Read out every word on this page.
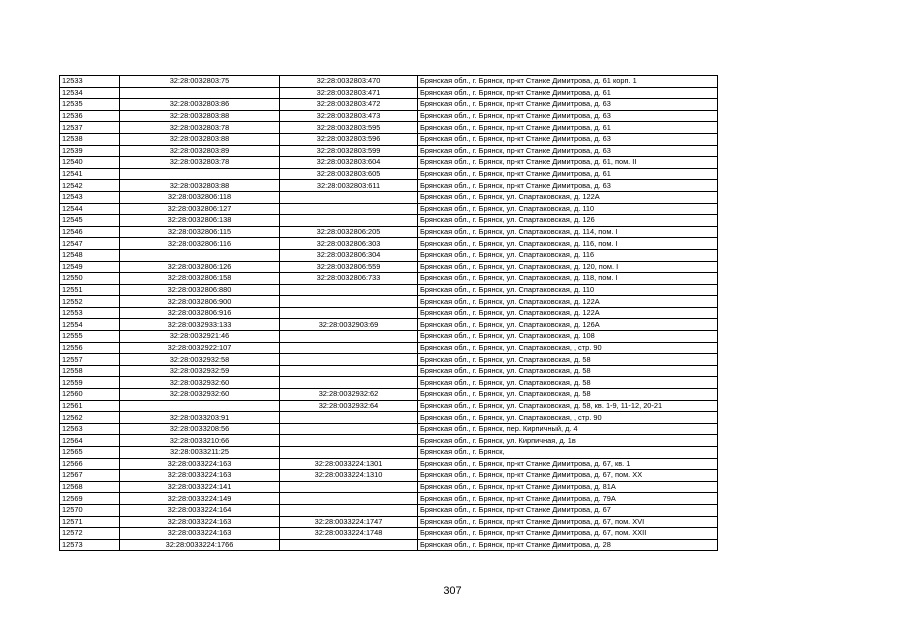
12533	32:28:0032803:75	32:28:0032803:470	Брянская обл., г. Брянск, пр-кт Станке Димитрова, д. 61 корп. 1
12534		32:28:0032803:471	Брянская обл., г. Брянск, пр-кт Станке Димитрова, д. 61
12535	32:28:0032803:86	32:28:0032803:472	Брянская обл., г. Брянск, пр-кт Станке Димитрова, д. 63
12536	32:28:0032803:88	32:28:0032803:473	Брянская обл., г. Брянск, пр-кт Станке Димитрова, д. 63
12537	32:28:0032803:78	32:28:0032803:595	Брянская обл., г. Брянск, пр-кт Станке Димитрова, д. 61
12538	32:28:0032803:88	32:28:0032803:596	Брянская обл., г. Брянск, пр-кт Станке Димитрова, д. 63
12539	32:28:0032803:89	32:28:0032803:599	Брянская обл., г. Брянск, пр-кт Станке Димитрова, д. 63
12540	32:28:0032803:78	32:28:0032803:604	Брянская обл., г. Брянск, пр-кт Станке Димитрова, д. 61, пом. II
12541		32:28:0032803:605	Брянская обл., г. Брянск, пр-кт Станке Димитрова, д. 61
12542	32:28:0032803:88	32:28:0032803:611	Брянская обл., г. Брянск, пр-кт Станке Димитрова, д. 63
12543	32:28:0032806:118		Брянская обл., г. Брянск, ул. Спартаковская, д. 122А
12544	32:28:0032806:127		Брянская обл., г. Брянск, ул. Спартаковская, д. 110
12545	32:28:0032806:138		Брянская обл., г. Брянск, ул. Спартаковская, д. 126
12546	32:28:0032806:115	32:28:0032806:205	Брянская обл., г. Брянск, ул. Спартаковская, д. 114, пом. I
12547	32:28:0032806:116	32:28:0032806:303	Брянская обл., г. Брянск, ул. Спартаковская, д. 116, пом. I
12548		32:28:0032806:304	Брянская обл., г. Брянск, ул. Спартаковская, д. 116
12549	32:28:0032806:126	32:28:0032806:559	Брянская обл., г. Брянск, ул. Спартаковская, д. 120, пом. I
12550	32:28:0032806:158	32:28:0032806:733	Брянская обл., г. Брянск, ул. Спартаковская, д. 118, пом. I
12551	32:28:0032806:880		Брянская обл., г. Брянск, ул. Спартаковская, д. 110
12552	32:28:0032806:900		Брянская обл., г. Брянск, ул. Спартаковская, д. 122А
12553	32:28:0032806:916		Брянская обл., г. Брянск, ул. Спартаковская, д. 122А
12554	32:28:0032933:133	32:28:0032903:69	Брянская обл., г. Брянск, ул. Спартаковская, д. 126А
12555	32:28:0032921:46		Брянская обл., г. Брянск, ул. Спартаковская, д. 108
12556	32:28:0032922:107		Брянская обл., г. Брянск, ул. Спартаковская, , стр. 90
12557	32:28:0032932:58		Брянская обл., г. Брянск, ул. Спартаковская, д. 58
12558	32:28:0032932:59		Брянская обл., г. Брянск, ул. Спартаковская, д. 58
12559	32:28:0032932:60		Брянская обл., г. Брянск, ул. Спартаковская, д. 58
12560	32:28:0032932:60	32:28:0032932:62	Брянская обл., г. Брянск, ул. Спартаковская, д. 58
12561		32:28:0032932:64	Брянская обл., г. Брянск, ул. Спартаковская, д. 58, кв. 1-9, 11-12, 20-21
12562	32:28:0033203:91		Брянская обл., г. Брянск, ул. Спартаковская, , стр. 90
12563	32:28:0033208:56		Брянская обл., г. Брянск, пер. Кирпичный, д. 4
12564	32:28:0033210:66		Брянская обл., г. Брянск, ул. Кирпичная, д. 1в
12565	32:28:0033211:25		Брянская обл., г. Брянск,
12566	32:28:0033224:163	32:28:0033224:1301	Брянская обл., г. Брянск, пр-кт Станке Димитрова, д. 67, кв. 1
12567	32:28:0033224:163	32:28:0033224:1310	Брянская обл., г. Брянск, пр-кт Станке Димитрова, д. 67, пом. XX
12568	32:28:0033224:141		Брянская обл., г. Брянск, пр-кт Станке Димитрова, д. 81А
12569	32:28:0033224:149		Брянская обл., г. Брянск, пр-кт Станке Димитрова, д. 79А
12570	32:28:0033224:164		Брянская обл., г. Брянск, пр-кт Станке Димитрова, д. 67
12571	32:28:0033224:163	32:28:0033224:1747	Брянская обл., г. Брянск, пр-кт Станке Димитрова, д. 67, пом. XVI
12572	32:28:0033224:163	32:28:0033224:1748	Брянская обл., г. Брянск, пр-кт Станке Димитрова, д. 67, пом. XXII
12573	32:28:0033224:1766		Брянская обл., г. Брянск, пр-кт Станке Димитрова, д. 28
307
